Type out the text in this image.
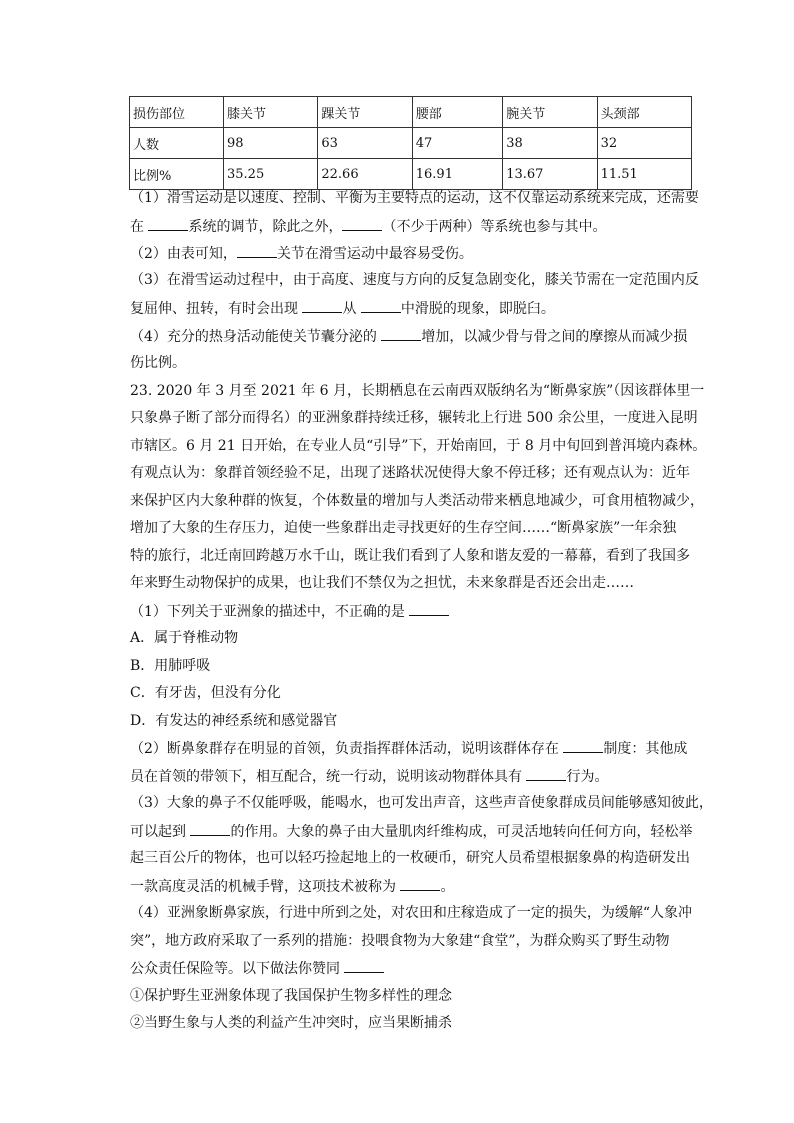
损伤部位	膝关节	踝关节	腰部	腕关节	头颈部
人数	98	63	47	38	32
比例%	35.25	22.66	16.91	13.67	11.51
（1）滑雪运动是以速度、控制、平衡为主要特点的运动，这不仅靠运动系统来完成，还需要
在	系统的调节，除此之外，	（不少于两种）等系统也参与其中。
（2）由表可知，	关节在滑雪运动中最容易受伤。
（3）在滑雪运动过程中，由于高度、速度与方向的反复急剧变化，膝关节需在一定范围内反
复屈伸、扭转，有时会出现	从	中滑脱的现象，即脱臼。
（4）充分的热身活动能使关节囊分泌的	增加，以减少骨与骨之间的摩擦从而减少损
伤比例。
23. 2020 年 3 月至 2021 年 6 月，长期栖息在云南西双版纳名为“断鼻家族”（因该群体里一
只象鼻子断了部分而得名）的亚洲象群持续迁移，辗转北上行进 500 余公里，一度进入昆明
市辖区。6 月 21 日开始，在专业人员“引导”下，开始南回，于 8 月中旬回到普洱境内森林。
有观点认为：象群首领经验不足，出现了迷路状况使得大象不停迁移；还有观点认为：近年
来保护区内大象种群的恢复，个体数量的增加与人类活动带来栖息地减少，可食用植物减少，
增加了大象的生存压力，迫使一些象群出走寻找更好的生存空间……“断鼻家族”一年余独
特的旅行，北迁南回跨越万水千山，既让我们看到了人象和谐友爱的一幕幕，看到了我国多
年来野生动物保护的成果，也让我们不禁仅为之担忧，未来象群是否还会出走……
（1）下列关于亚洲象的描述中，不正确的是
A．属于脊椎动物
B．用肺呼吸
C．有牙齿，但没有分化
D．有发达的神经系统和感觉器官
（2）断鼻象群存在明显的首领，负责指挥群体活动，说明该群体存在	制度：其他成
员在首领的带领下，相互配合，统一行动，说明该动物群体具有	行为。
（3）大象的鼻子不仅能呼吸，能喝水，也可发出声音，这些声音使象群成员间能够感知彼此，
可以起到	的作用。大象的鼻子由大量肌肉纤维构成，可灵活地转向任何方向，轻松举
起三百公斤的物体，也可以轻巧捡起地上的一枚硬币，研究人员希望根据象鼻的构造研发出
一款高度灵活的机械手臂，这项技术被称为	。
（4）亚洲象断鼻家族，行进中所到之处，对农田和庄稼造成了一定的损失，为缓解“人象冲
突”，地方政府采取了一系列的措施：投喂食物为大象建“食堂”，为群众购买了野生动物
公众责任保险等。以下做法你赞同
①保护野生亚洲象体现了我国保护生物多样性的理念
②当野生象与人类的利益产生冲突时，应当果断捕杀
